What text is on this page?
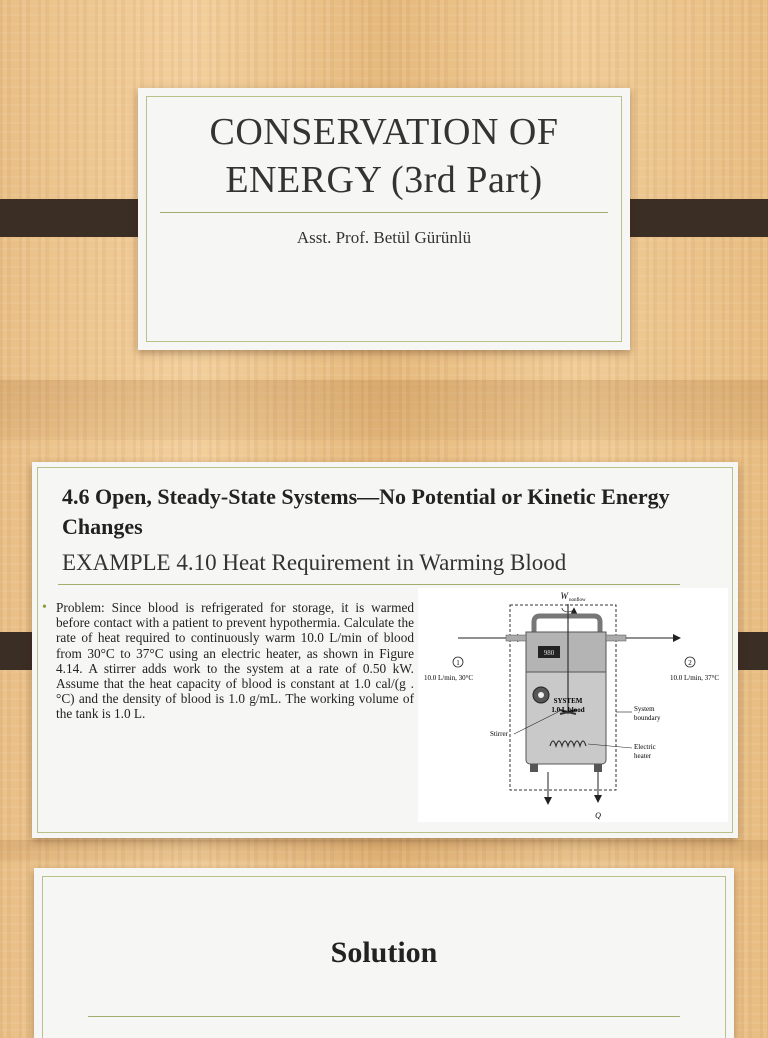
CONSERVATION OF ENERGY (3rd Part)
Asst. Prof. Betül Gürünlü
4.6 Open, Steady-State Systems—No Potential or Kinetic Energy Changes
EXAMPLE 4.10 Heat Requirement in Warming Blood
• Problem: Since blood is refrigerated for storage, it is warmed before contact with a patient to prevent hypothermia. Calculate the rate of heat required to continuously warm 10.0 L/min of blood from 30°C to 37°C using an electric heater, as shown in Figure 4.14. A stirrer adds work to the system at a rate of 0.50 kW. Assume that the heat capacity of blood is constant at 1.0 cal/(g . °C) and the density of blood is 1.0 g/mL. The working volume of the tank is 1.0 L.
980
W nonflow
1
10.0 L/min, 30°C
2
10.0 L/min, 37°C
SYSTEM
1.0 L blood	System
boundary
Stirrer
Electric
heater
Q
Solution
